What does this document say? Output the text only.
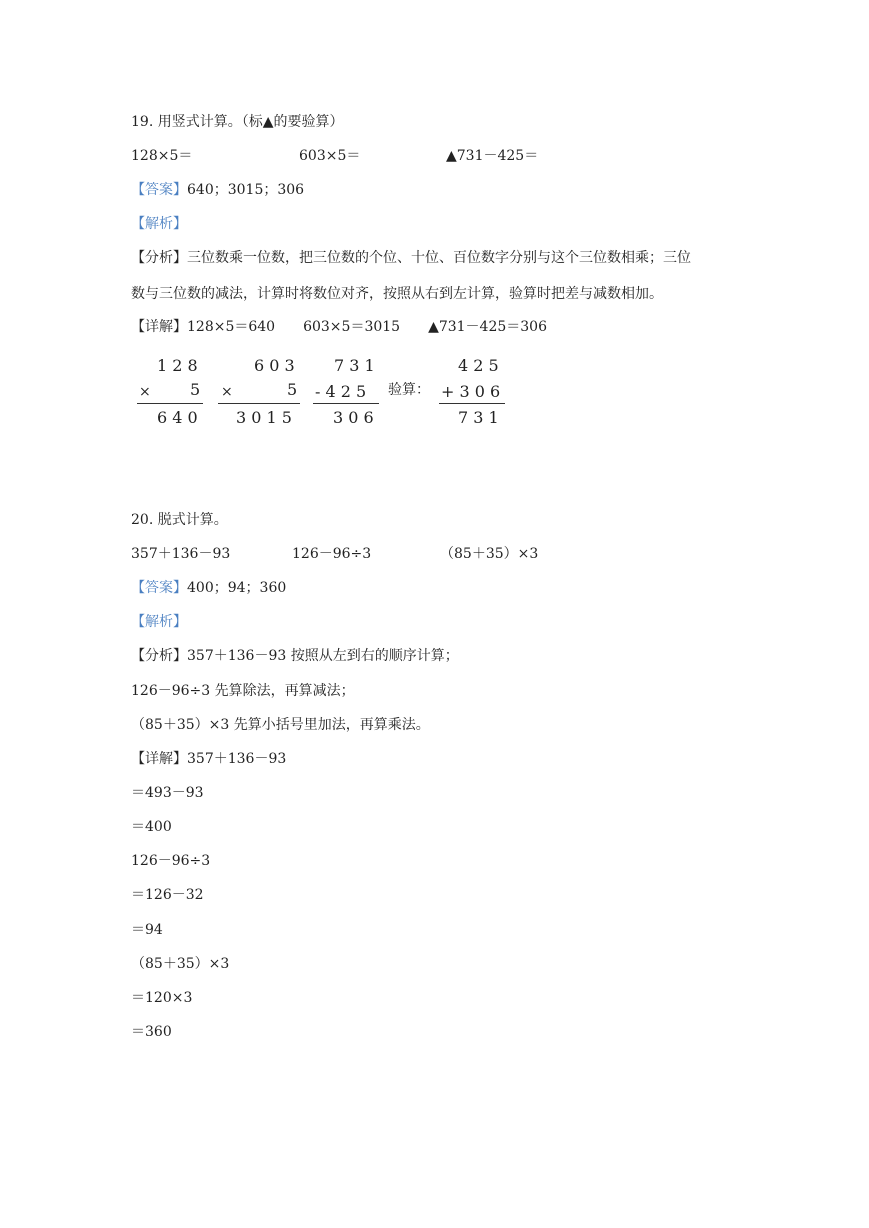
19. 用竖式计算。（标▲的要验算）
128×5＝	603×5＝	▲731－425＝
【答案】640；3015；306
【解析】
【分析】三位数乘一位数，把三位数的个位、十位、百位数字分别与这个三位数相乘；三位
数与三位数的减法，计算时将数位对齐，按照从右到左计算，验算时把差与减数相加。
【详解】128×5＝640　　603×5＝3015　　▲731－425＝306
1 2 8
× 5
6 4 0
6 0 3
×	5
3 0 1 5
7 3 1
- 4 2 5
3 0 6
验算：
4 2 5
+ 3 0 6
7 3 1
20. 脱式计算。
357＋136－93	126－96÷3	（85＋35）×3
【答案】400；94；360
【解析】
【分析】357＋136－93 按照从左到右的顺序计算；
126－96÷3 先算除法，再算减法；
（85＋35）×3 先算小括号里加法，再算乘法。
【详解】357＋136－93
＝493－93
＝400
126－96÷3
＝126－32
＝94
（85＋35）×3
＝120×3
＝360
